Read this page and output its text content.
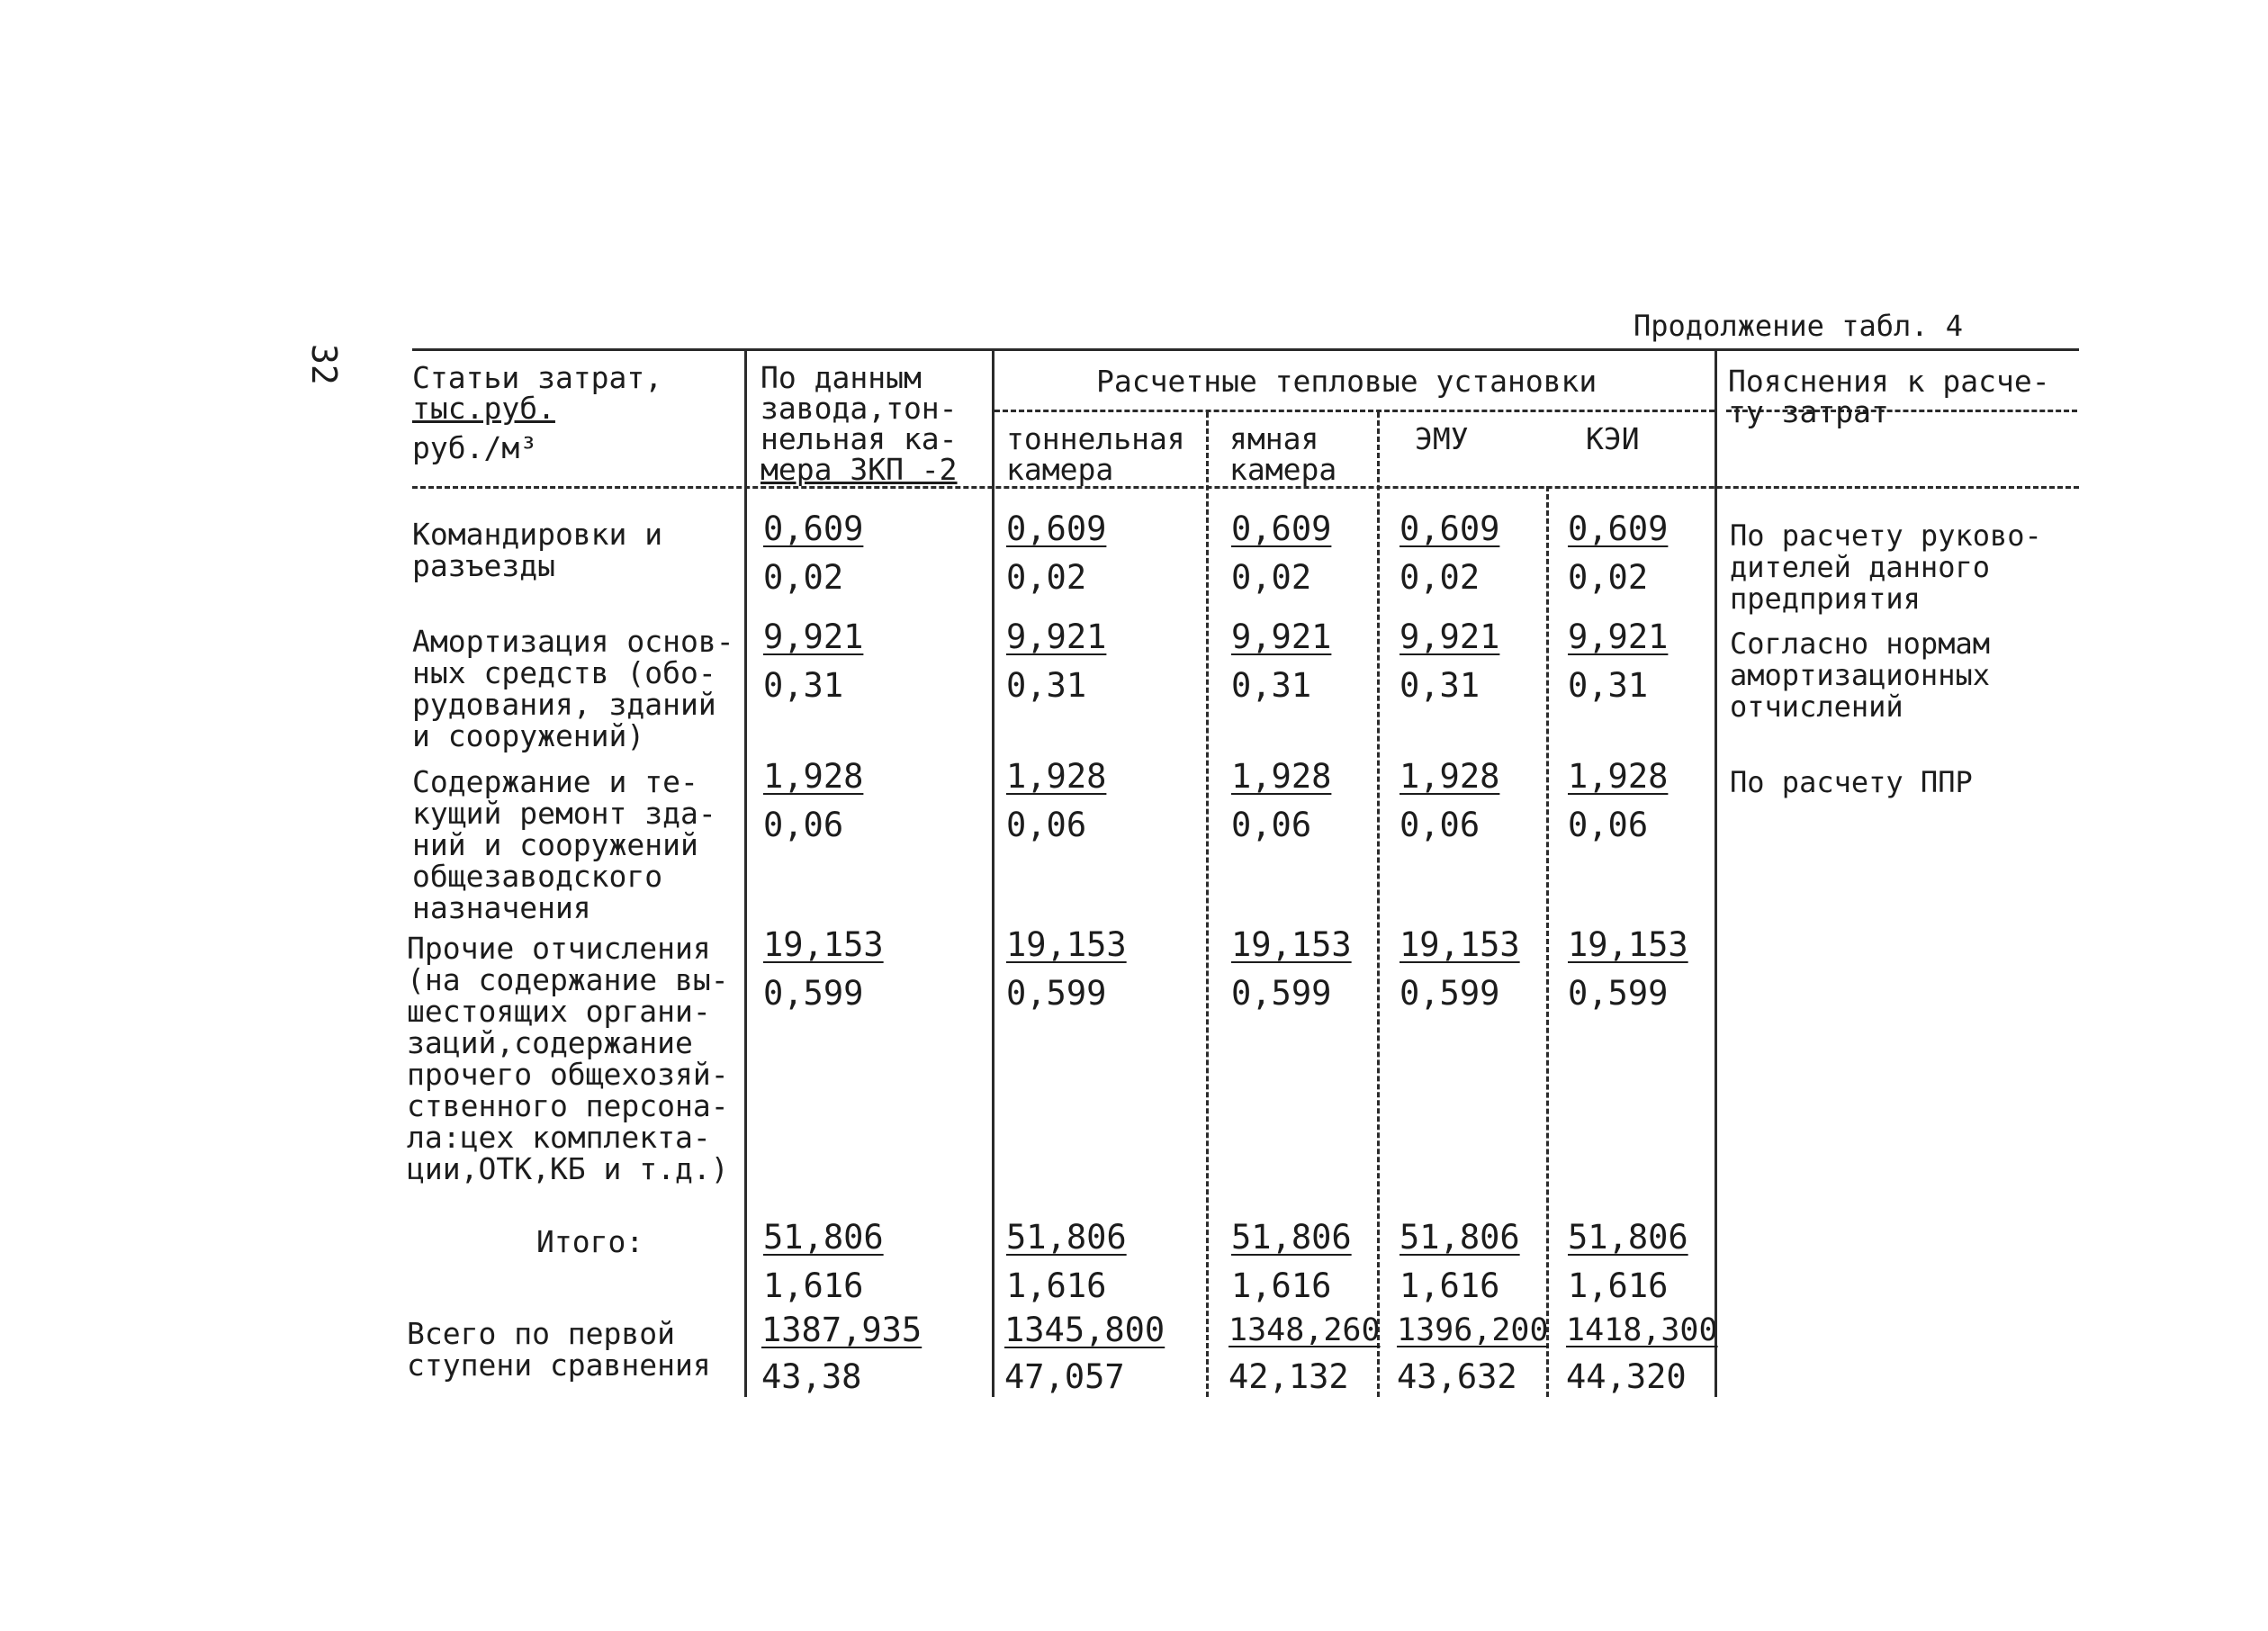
32
Продолжение табл. 4
Статьи затрат,
тыс.руб.
руб./м³
По данным
завода,тон-
нельная ка-
мера ЗКП -2
Расчетные тепловые установки
тоннельная
камера
ямная
камера
ЭМУ	КЭИ
Пояснения к расче-
ту затрат
Командировки и
разъезды
0,609
0,02
0,609
0,02
0,609
0,02
0,609
0,02
0,609
0,02
По расчету руково-
дителей данного
предприятия
Амортизация основ-
ных средств (обо-
рудования, зданий
и сооружений)
9,921
0,31
9,921
0,31
9,921
0,31
9,921
0,31
9,921
0,31
Согласно нормам
амортизационных
отчислений
Содержание и те-
кущий ремонт зда-
ний и сооружений
общезаводского
назначения
1,928
0,06
1,928
0,06
1,928
0,06
1,928
0,06
1,928
0,06
По расчету ППР
Прочие отчисления
(на содержание вы-
шестоящих органи-
заций,содержание
прочего общехозяй-
ственного персона-
ла:цех комплекта-
ции,ОТК,КБ и т.д.)
19,153
0,599
19,153
0,599
19,153
0,599
19,153
0,599
19,153
0,599
Итого:	51,806
1,616
51,806
1,616
51,806
1,616
51,806
1,616
51,806
1,616
Всего по первой
ступени сравнения
1387,935
43,38
1345,800
47,057
1348,260
42,132
1396,200
43,632
1418,300
44,320
